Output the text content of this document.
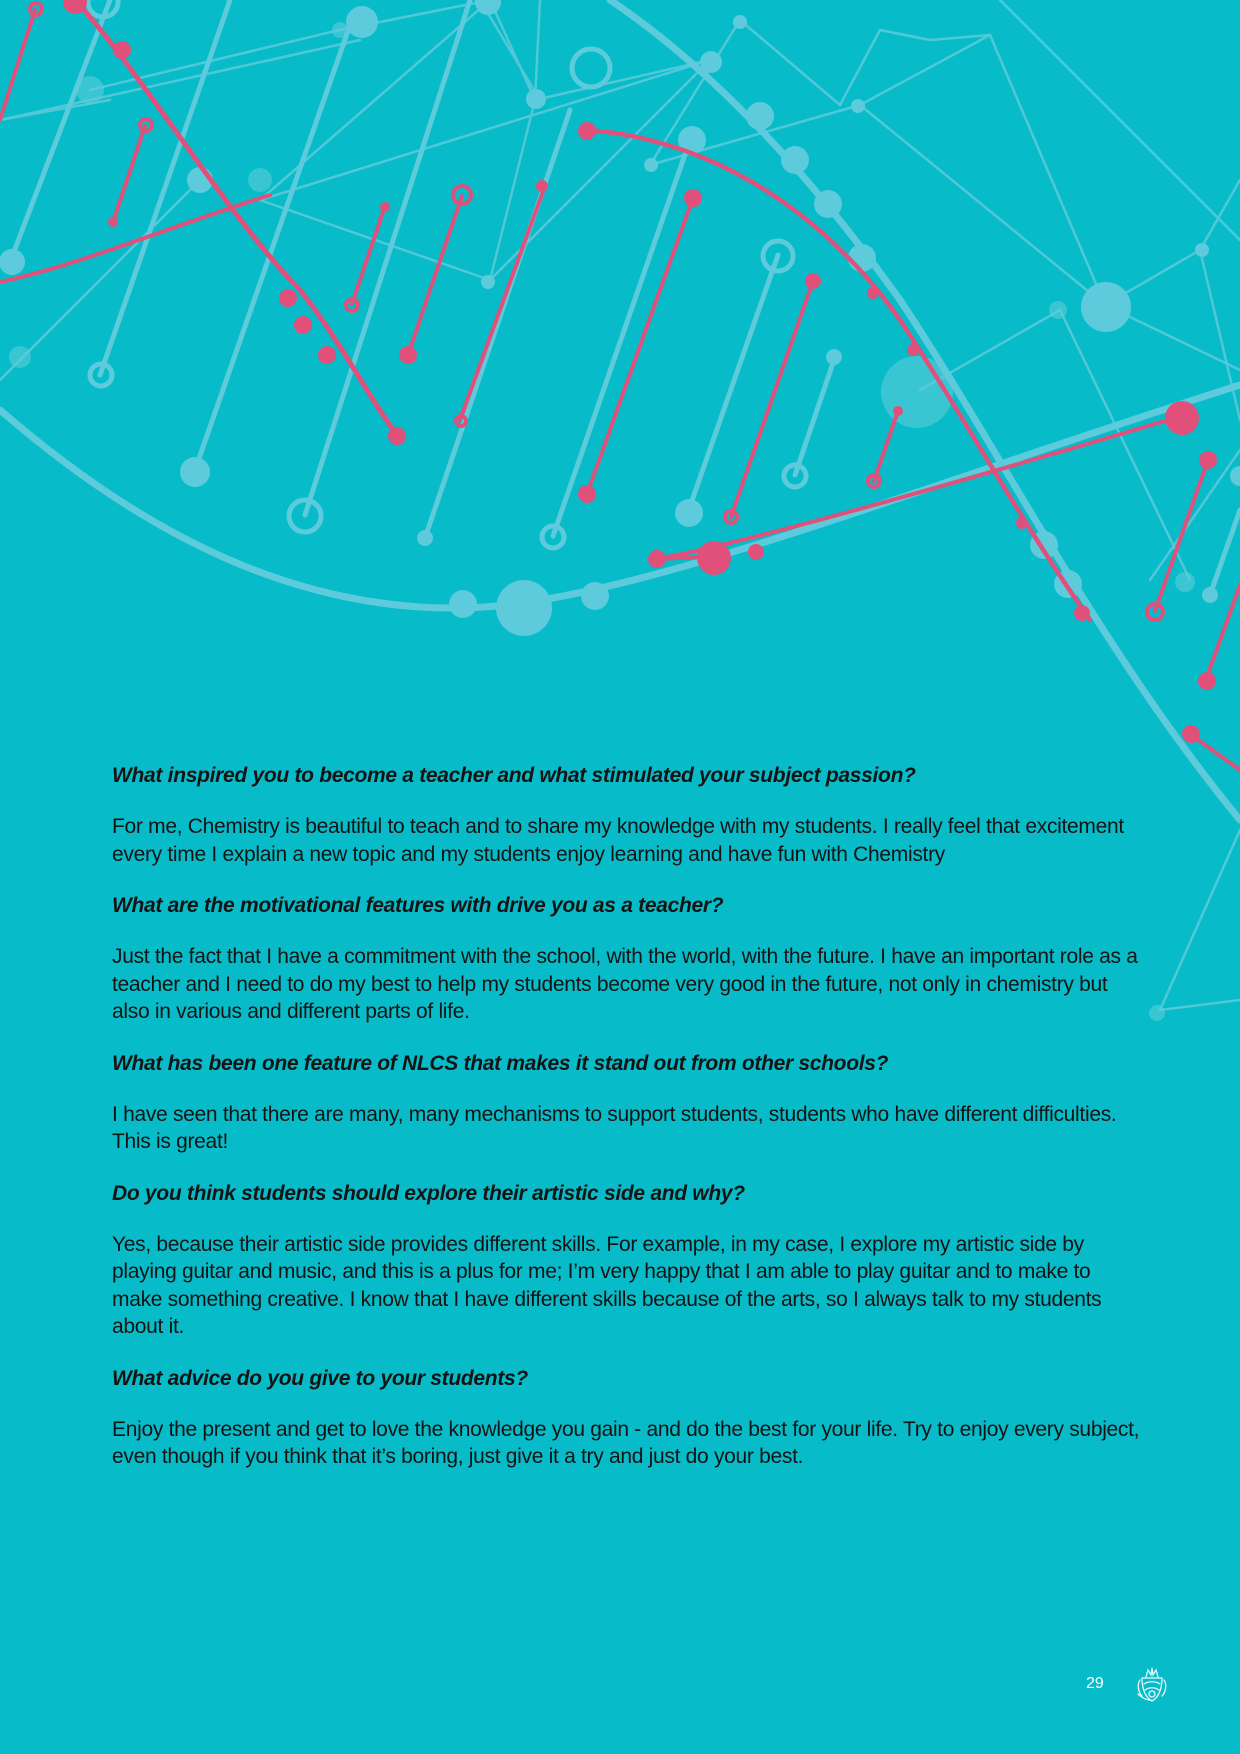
What inspired you to become a teacher and what stimulated your subject passion?

For me, Chemistry is beautiful to teach and to share my knowledge with my students. I really feel that excitement every time I explain a new topic and my students enjoy learning and have fun with Chemistry

What are the motivational features with drive you as a teacher?

Just the fact that I have a commitment with the school, with the world, with the future. I have an important role as a teacher and I need to do my best to help my students become very good in the future, not only in chemistry but also in various and different parts of life.

What has been one feature of NLCS that makes it stand out from other schools?

I have seen that there are many, many mechanisms to support students, students who have different difficulties. This is great!

Do you think students should explore their artistic side and why?

Yes, because their artistic side provides different skills. For example, in my case, I explore my artistic side by playing guitar and music, and this is a plus for me; I’m very happy that I am able to play guitar and to make to make something creative. I know that I have different skills because of the arts, so I always talk to my students about it.

What advice do you give to your students?

Enjoy the present and get to love the knowledge you gain - and do the best for your life. Try to enjoy every subject, even though if you think that it’s boring, just give it a try and just do your best.

29
